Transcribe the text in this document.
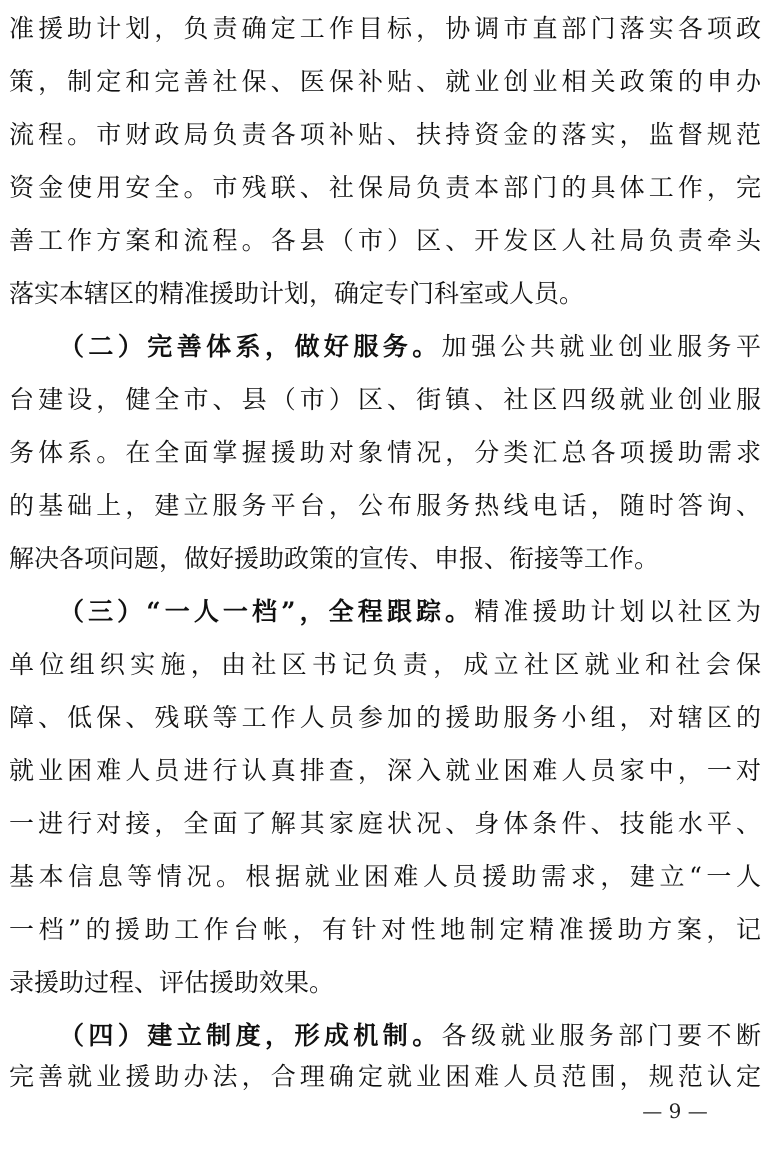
准援助计划，负责确定工作目标，协调市直部门落实各项政
策，制定和完善社保、医保补贴、就业创业相关政策的申办
流程。市财政局负责各项补贴、扶持资金的落实，监督规范
资金使用安全。市残联、社保局负责本部门的具体工作，完
善工作方案和流程。各县（市）区、开发区人社局负责牵头
落实本辖区的精准援助计划，确定专门科室或人员。
（二）完善体系，做好服务。加强公共就业创业服务平
台建设，健全市、县（市）区、街镇、社区四级就业创业服
务体系。在全面掌握援助对象情况，分类汇总各项援助需求
的基础上，建立服务平台，公布服务热线电话，随时答询、
解决各项问题，做好援助政策的宣传、申报、衔接等工作。
（三）“一人一档”，全程跟踪。精准援助计划以社区为
单位组织实施，由社区书记负责，成立社区就业和社会保
障、低保、残联等工作人员参加的援助服务小组，对辖区的
就业困难人员进行认真排查，深入就业困难人员家中，一对
一进行对接，全面了解其家庭状况、身体条件、技能水平、
基本信息等情况。根据就业困难人员援助需求，建立“一人
一档”的援助工作台帐，有针对性地制定精准援助方案，记
录援助过程、评估援助效果。
（四）建立制度，形成机制。各级就业服务部门要不断
完善就业援助办法，合理确定就业困难人员范围，规范认定
— 9 —
